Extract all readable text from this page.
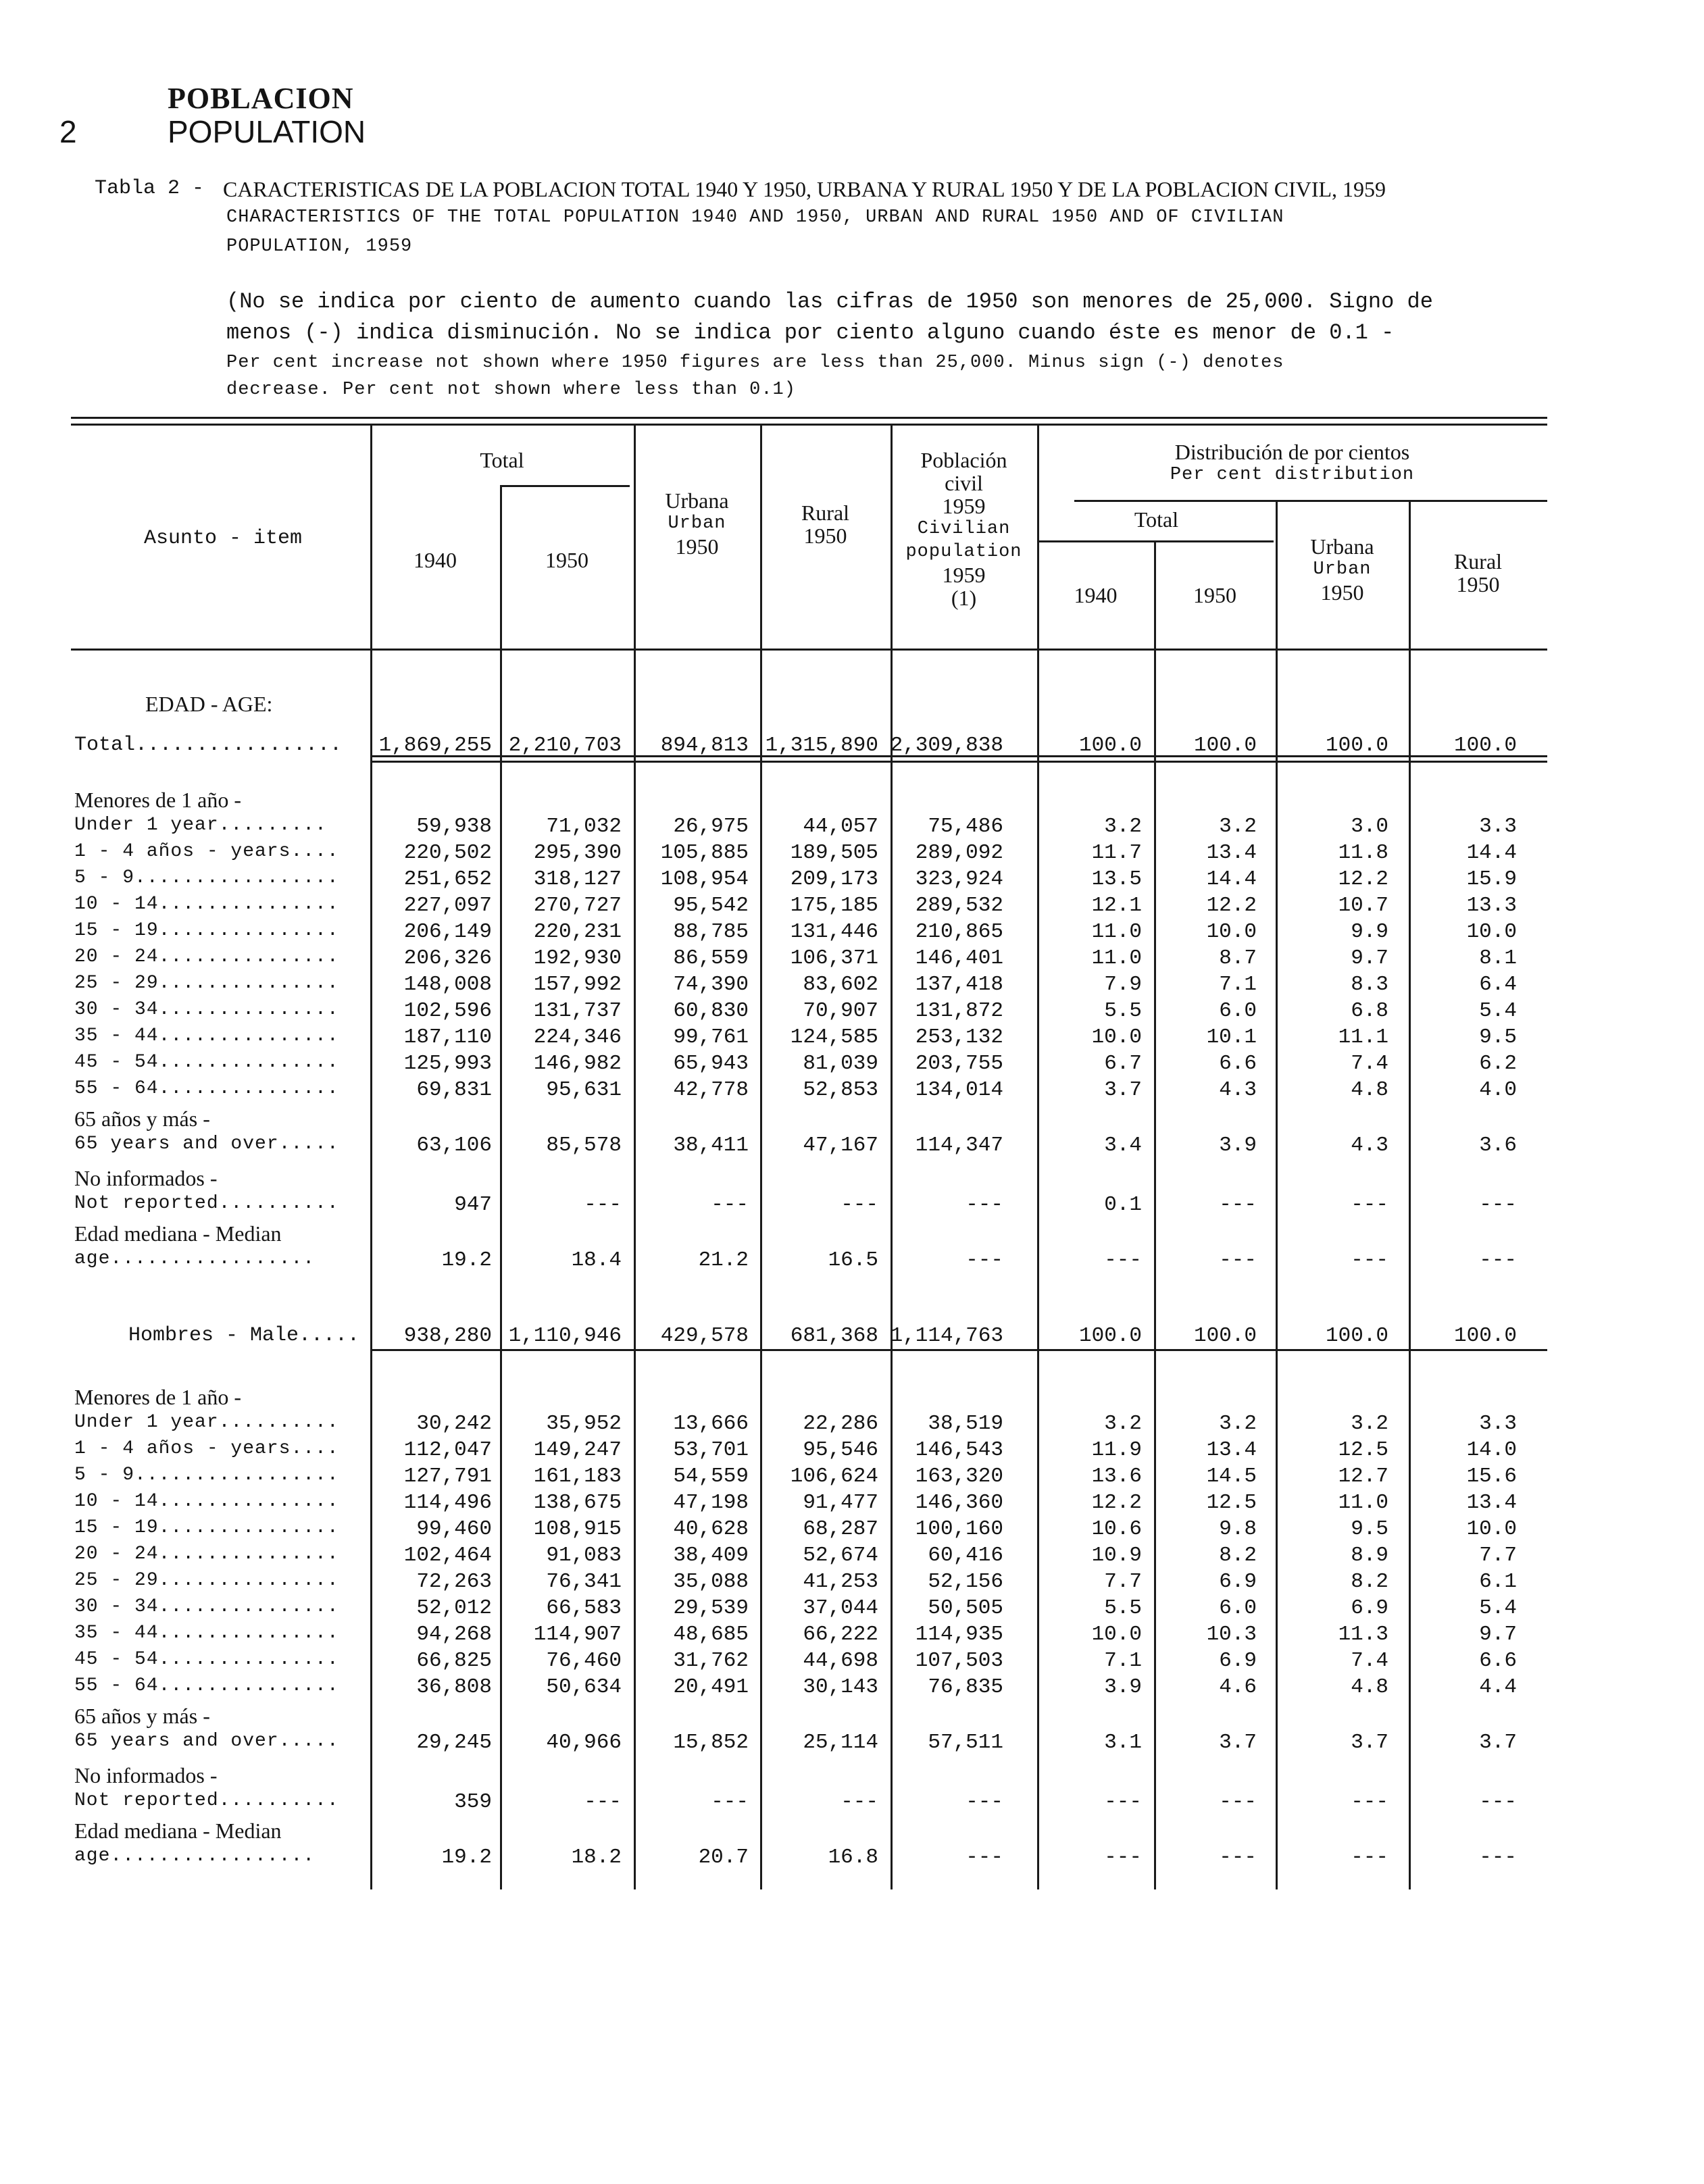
POBLACION
2	POPULATION
Tabla 2 - CARACTERISTICAS DE LA POBLACION TOTAL 1940 Y 1950, URBANA Y RURAL 1950 Y DE LA POBLACION CIVIL, 1959
CHARACTERISTICS OF THE TOTAL POPULATION 1940 AND 1950, URBAN AND RURAL 1950 AND OF CIVILIAN
POPULATION, 1959
(No se indica por ciento de aumento cuando las cifras de 1950 son menores de 25,000. Signo de
menos (-) indica disminución. No se indica por ciento alguno cuando éste es menor de 0.1 -
Per cent increase not shown where 1950 figures are less than 25,000. Minus sign (-) denotes
decrease. Per cent not shown where less than 0.1)
Asunto - item
Total
1940	1950
Urbana
Urban
1950
Rural
1950
Población
civil
1959
Civilian
population
1959
(1)
Distribución de por cientos
Per cent distribution
Total
1940	1950
Urbana
Urban
1950
Rural
1950
EDAD - AGE:
Total.................	1,869,255 2,210,703	894,813 1,315,890 2,309,838	100.0	100.0	100.0	100.0
Menores de 1 año -
Under 1 year.........	59,938	71,032	26,975	44,057	75,486	3.2	3.2	3.0	3.3
1 - 4 años - years....	220,502	295,390	105,885	189,505	289,092	11.7	13.4	11.8	14.4
5 - 9.................	251,652	318,127	108,954	209,173	323,924	13.5	14.4	12.2	15.9
10 - 14...............	227,097	270,727	95,542	175,185	289,532	12.1	12.2	10.7	13.3
15 - 19...............	206,149	220,231	88,785	131,446	210,865	11.0	10.0	9.9	10.0
20 - 24...............	206,326	192,930	86,559	106,371	146,401	11.0	8.7	9.7	8.1
25 - 29...............	148,008	157,992	74,390	83,602	137,418	7.9	7.1	8.3	6.4
30 - 34...............	102,596	131,737	60,830	70,907	131,872	5.5	6.0	6.8	5.4
35 - 44...............	187,110	224,346	99,761	124,585	253,132	10.0	10.1	11.1	9.5
45 - 54...............	125,993	146,982	65,943	81,039	203,755	6.7	6.6	7.4	6.2
55 - 64...............	69,831	95,631	42,778	52,853	134,014	3.7	4.3	4.8	4.0
65 años y más -
65 years and over.....	63,106	85,578	38,411	47,167	114,347	3.4	3.9	4.3	3.6
No informados -
Not reported..........	947	---	---	---	---	0.1	---	---	---
Edad mediana - Median
age.................	19.2	18.4	21.2	16.5	---	---	---	---	---
Hombres - Male.....	938,280 1,110,946	429,578	681,368 1,114,763	100.0	100.0	100.0	100.0
Menores de 1 año -
Under 1 year..........	30,242	35,952	13,666	22,286	38,519	3.2	3.2	3.2	3.3
1 - 4 años - years....	112,047	149,247	53,701	95,546	146,543	11.9	13.4	12.5	14.0
5 - 9.................	127,791	161,183	54,559	106,624	163,320	13.6	14.5	12.7	15.6
10 - 14...............	114,496	138,675	47,198	91,477	146,360	12.2	12.5	11.0	13.4
15 - 19...............	99,460	108,915	40,628	68,287	100,160	10.6	9.8	9.5	10.0
20 - 24...............	102,464	91,083	38,409	52,674	60,416	10.9	8.2	8.9	7.7
25 - 29...............	72,263	76,341	35,088	41,253	52,156	7.7	6.9	8.2	6.1
30 - 34...............	52,012	66,583	29,539	37,044	50,505	5.5	6.0	6.9	5.4
35 - 44...............	94,268	114,907	48,685	66,222	114,935	10.0	10.3	11.3	9.7
45 - 54...............	66,825	76,460	31,762	44,698	107,503	7.1	6.9	7.4	6.6
55 - 64...............	36,808	50,634	20,491	30,143	76,835	3.9	4.6	4.8	4.4
65 años y más -
65 years and over.....	29,245	40,966	15,852	25,114	57,511	3.1	3.7	3.7	3.7
No informados -
Not reported..........	359	---	---	---	---	---	---	---	---
Edad mediana - Median
age.................	19.2	18.2	20.7	16.8	---	---	---	---	---
